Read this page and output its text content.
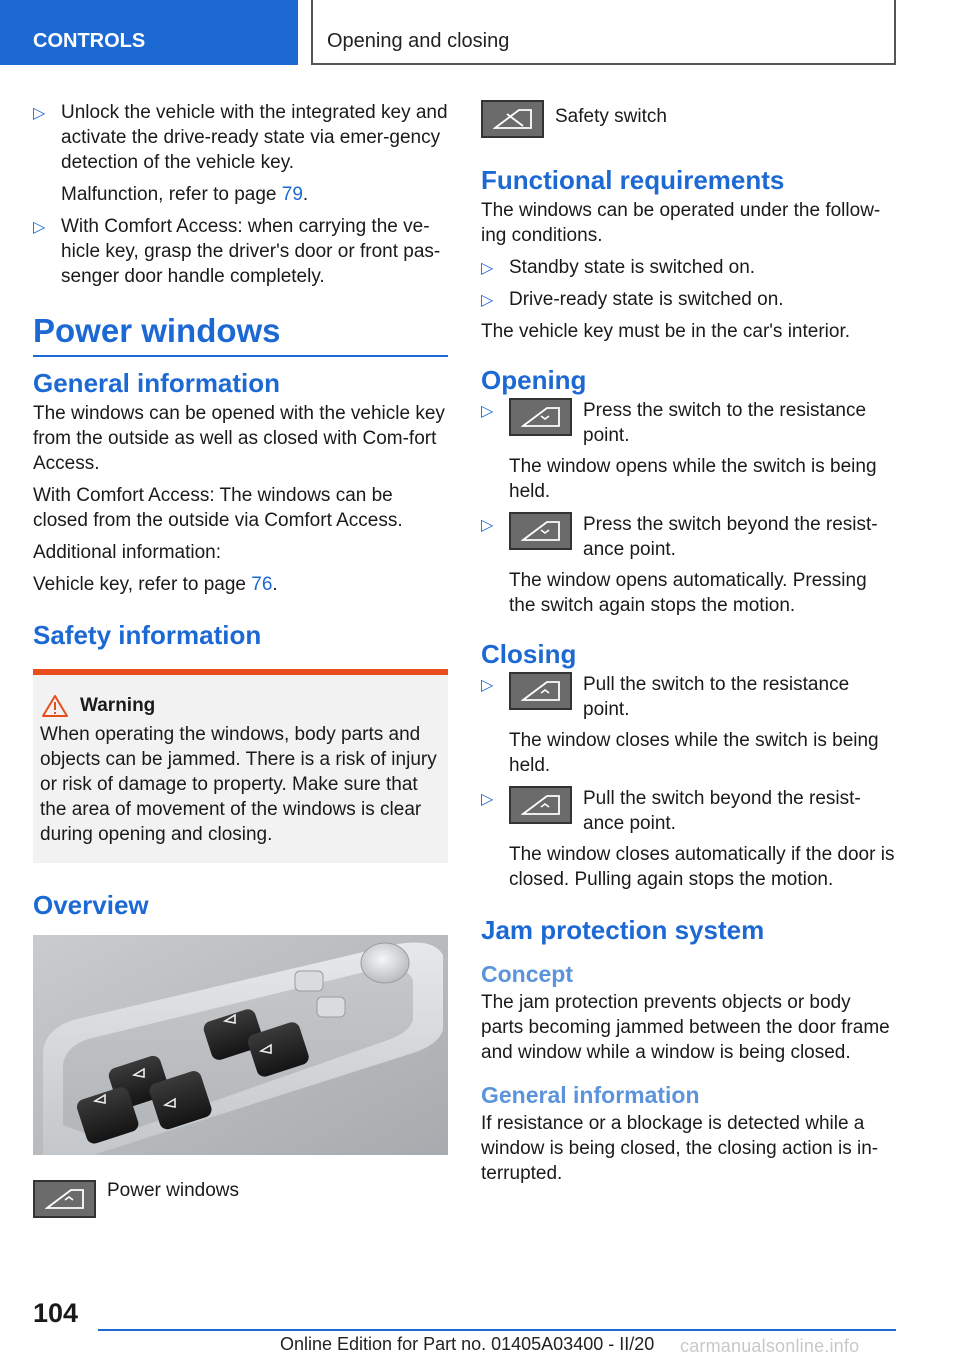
CONTROLS	Opening and closing
▷ Unlock the vehicle with the integrated key and activate the drive-ready state via emer-gency detection of the vehicle key.
Malfunction, refer to page 79.
▷ With Comfort Access: when carrying the ve-hicle key, grasp the driver's door or front pas-senger door handle completely.
Power windows
General information
The windows can be opened with the vehicle key from the outside as well as closed with Com-fort Access.
With Comfort Access: The windows can be closed from the outside via Comfort Access.
Additional information:
Vehicle key, refer to page 76.
Safety information
Warning
When operating the windows, body parts and objects can be jammed. There is a risk of injury or risk of damage to property. Make sure that the area of movement of the windows is clear during opening and closing.
Overview
Power windows
Safety switch
Functional requirements
The windows can be operated under the follow-ing conditions.
▷ Standby state is switched on.
▷ Drive-ready state is switched on.
The vehicle key must be in the car's interior.
Opening
▷	Press the switch to the resistance point.
The window opens while the switch is being held.
▷	Press the switch beyond the resist-ance point.
The window opens automatically. Pressing the switch again stops the motion.
Closing
▷	Pull the switch to the resistance point.
The window closes while the switch is being held.
▷	Pull the switch beyond the resist-ance point.
The window closes automatically if the door is closed. Pulling again stops the motion.
Jam protection system
Concept
The jam protection prevents objects or body parts becoming jammed between the door frame and window while a window is being closed.
General information
If resistance or a blockage is detected while a window is being closed, the closing action is in-terrupted.
104
Online Edition for Part no. 01405A03400 - II/20 carmanualsonline.info
